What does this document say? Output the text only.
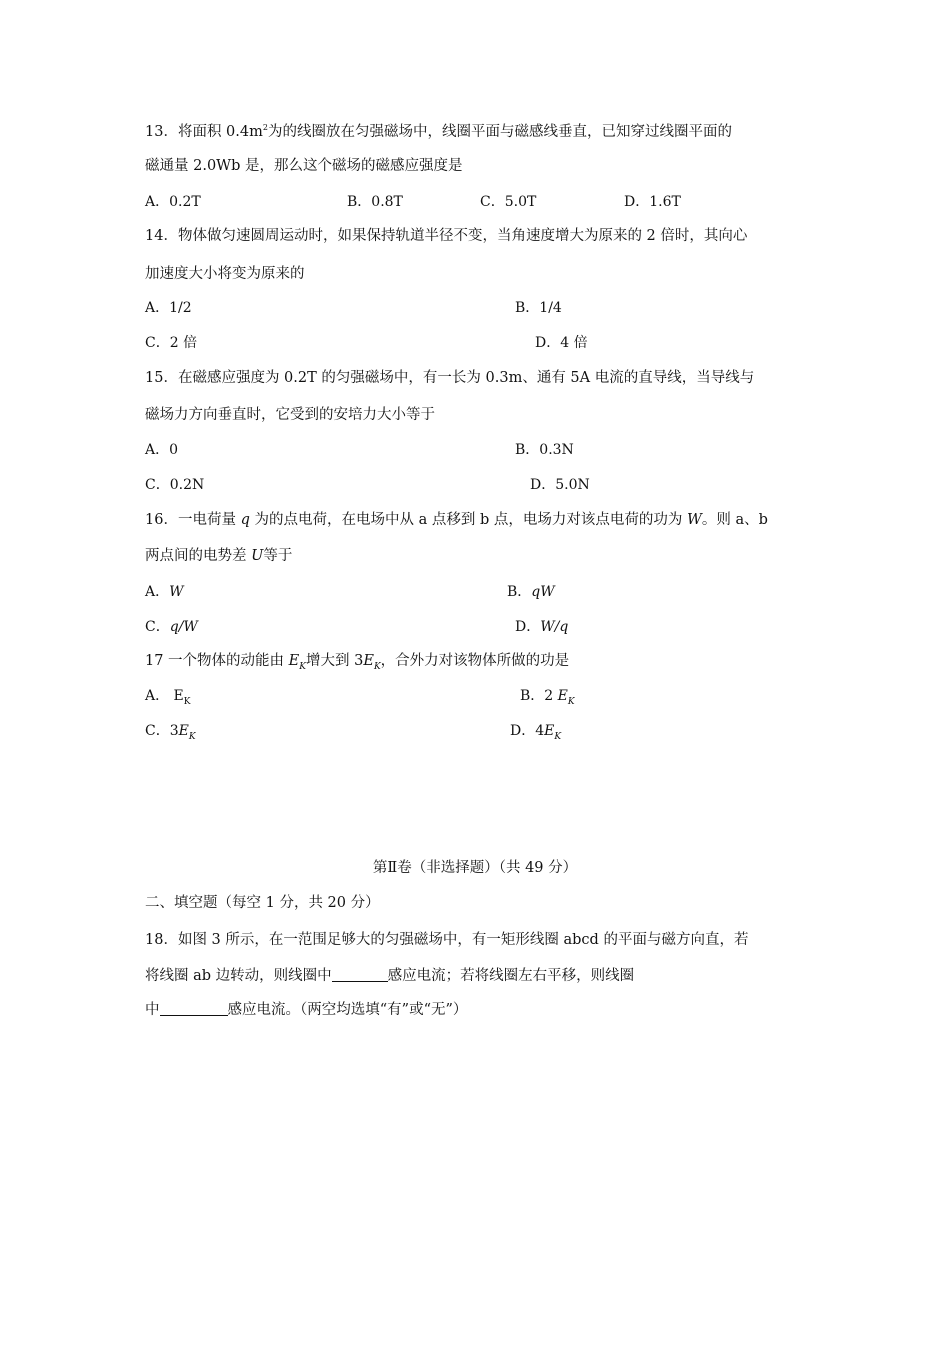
13．将面积 $0.4m^2$为的线圈放在匀强磁场中，线圈平面与磁感线垂直，已知穿过线圈平面的
磁通量 2.0Wb 是，那么这个磁场的磁感应强度是
A．0.2T	B．0.8T	C．5.0T	D．1.6T
14．物体做匀速圆周运动时，如果保持轨道半径不变，当角速度增大为原来的 2 倍时，其向心
加速度大小将变为原来的
A．1/2	B．1/4
C．2 倍	D．4 倍
15．在磁感应强度为 0.2T 的匀强磁场中，有一长为 0.3m、通有 5A 电流的直导线，当导线与
磁场力方向垂直时，它受到的安培力大小等于
A．0	B．0.3N
C．0.2N	D．5.0N
16．一电荷量 q 为的点电荷，在电场中从 a 点移到 b 点，电场力对该点电荷的功为 W。则 a、b
两点间的电势差 U等于
A．W	B．qW
C．q/W	D．W/q
17 一个物体的动能由 $E_K$增大到 $3E_K$，合外力对该物体所做的功是
A． $E_K$	B．2 $E_K$
C．$3E_K$	D．$4E_K$
第Ⅱ卷（非选择题）（共 49 分）
二、填空题（每空 1 分，共 20 分）
18．如图 3 所示，在一范围足够大的匀强磁场中，有一矩形线圈 abcd 的平面与磁方向直，若
将线圈 ab 边转动，则线圈中	感应电流；若将线圈左右平移，则线圈
中	感应电流。（两空均选填“有”或“无”）
